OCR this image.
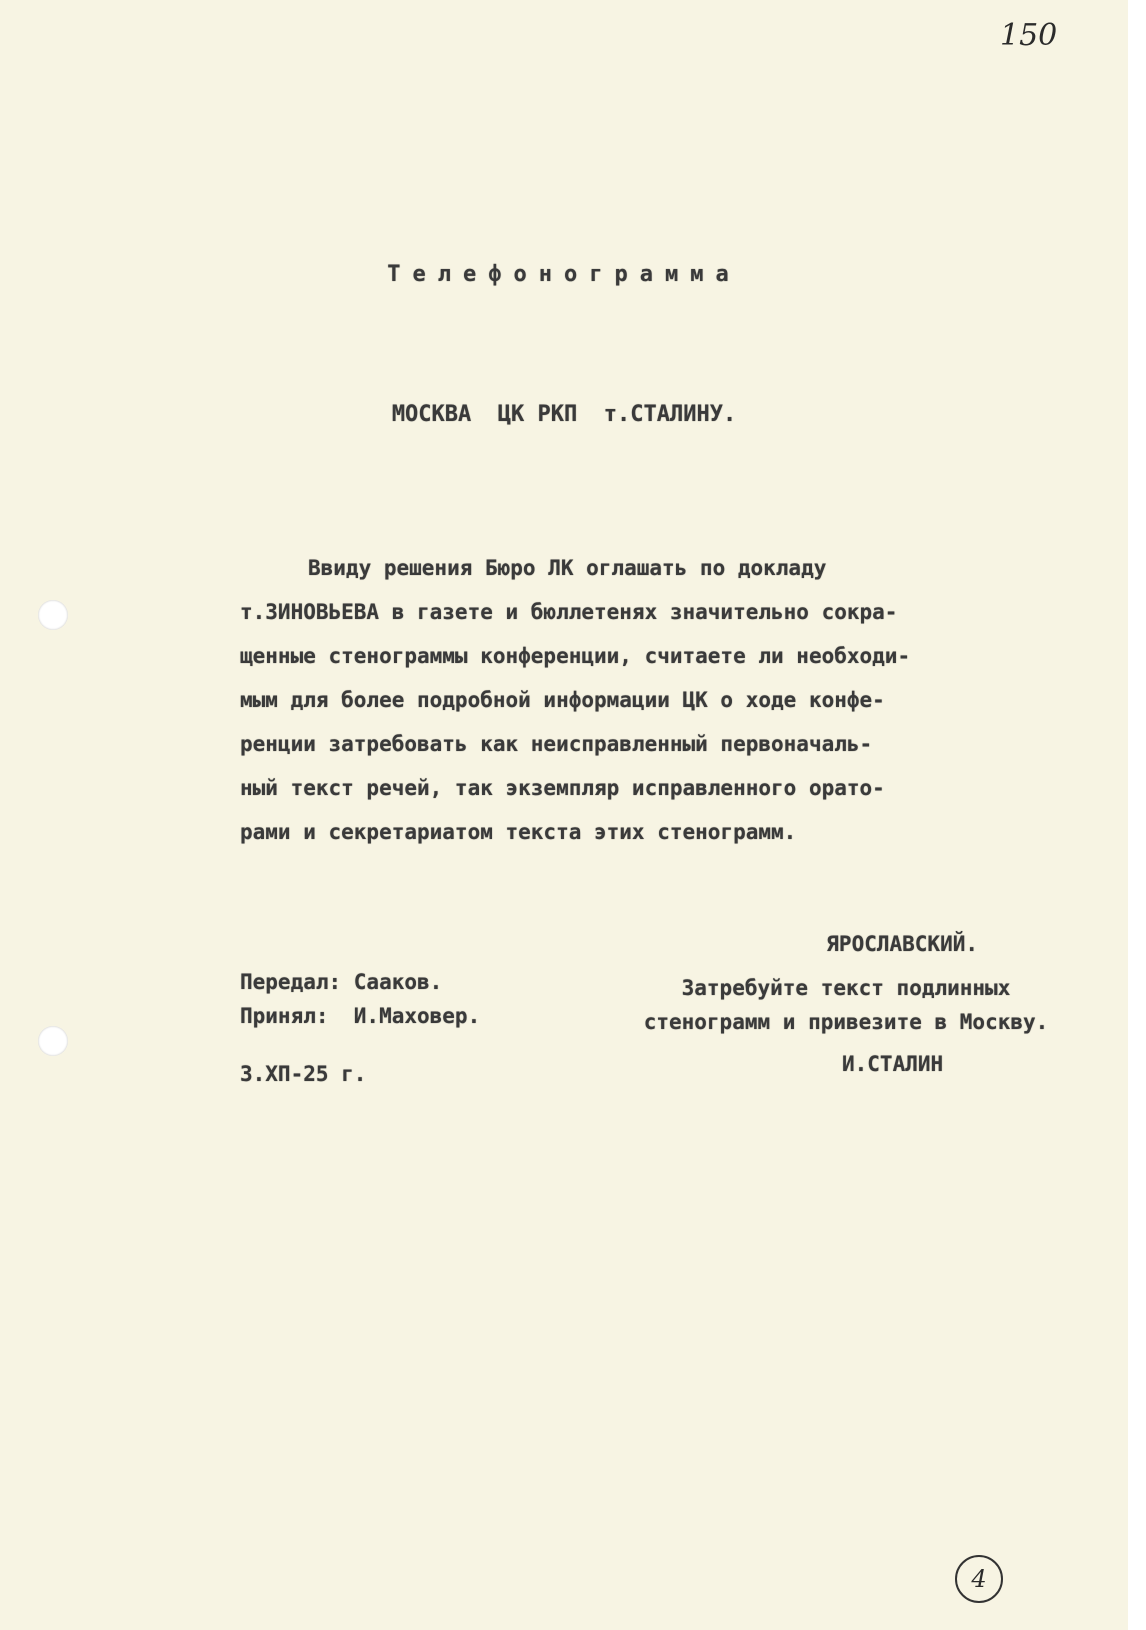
150
Телефонограмма
МОСКВА  ЦК РКП  т.СТАЛИНУ.
Ввиду решения Бюро ЛК оглашать по докладу
т.ЗИНОВЬЕВА в газете и бюллетенях значительно сокра-
щенные стенограммы конференции, считаете ли необходи-
мым для более подробной информации ЦК о ходе конфе-
ренции затребовать как неисправленный первоначаль-
ный текст речей, так экземпляр исправленного орато-
рами и секретариатом текста этих стенограмм.
ЯРОСЛАВСКИЙ.
Передал: Сааков.
Принял:  И.Маховер.
3.ХП-25 г.
Затребуйте текст подлинных
стенограмм и привезите в Москву.
И.СТАЛИН
4
